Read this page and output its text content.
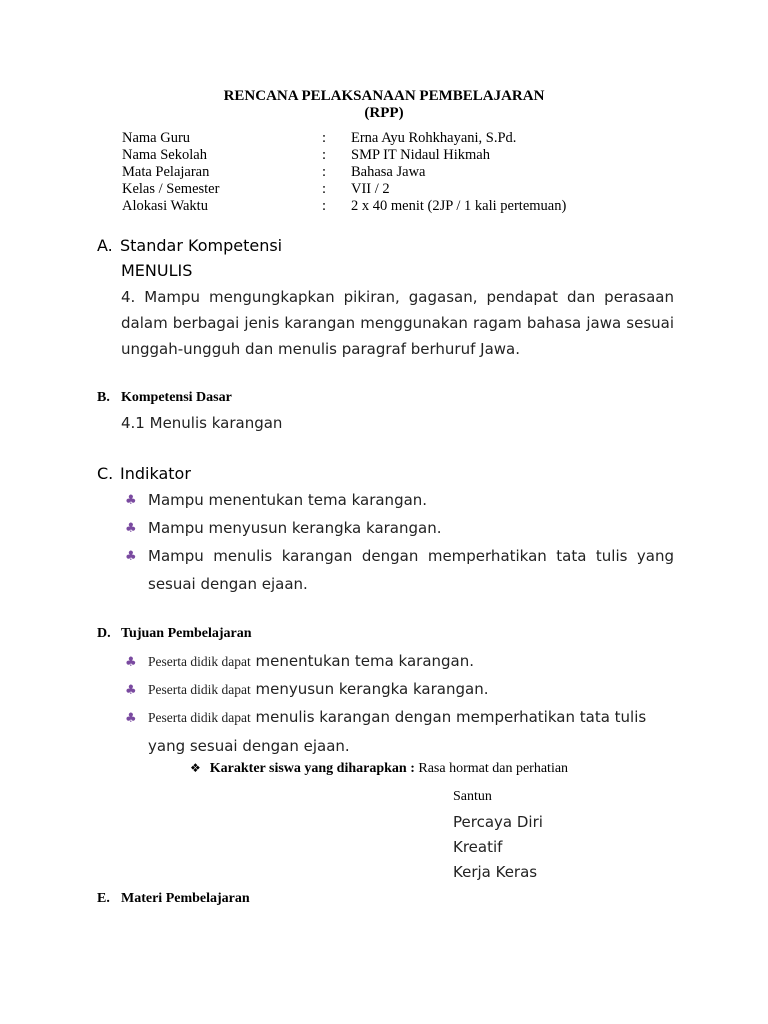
RENCANA PELAKSANAAN PEMBELAJARAN
(RPP)
Nama Guru	: Erna Ayu Rohkhayani, S.Pd.
Nama Sekolah	: SMP IT Nidaul Hikmah
Mata Pelajaran	: Bahasa Jawa
Kelas / Semester	: VII / 2
Alokasi Waktu	: 2 x 40 menit (2JP / 1 kali pertemuan)
A. Standar Kompetensi
MENULIS
4. Mampu mengungkapkan pikiran, gagasan, pendapat dan perasaan dalam berbagai jenis karangan menggunakan ragam bahasa jawa sesuai unggah-ungguh dan menulis paragraf berhuruf Jawa.
B. Kompetensi Dasar
4.1 Menulis karangan
C. Indikator
♣ Mampu menentukan tema karangan.
♣ Mampu menyusun kerangka karangan.
♣ Mampu menulis karangan dengan memperhatikan tata tulis yang sesuai dengan ejaan.
D. Tujuan Pembelajaran
♣ Peserta didik dapat menentukan tema karangan.
♣ Peserta didik dapat menyusun kerangka karangan.
♣ Peserta didik dapat menulis karangan dengan memperhatikan tata tulis yang sesuai dengan ejaan.
❖ Karakter siswa yang diharapkan : Rasa hormat dan perhatian
Santun
Percaya Diri
Kreatif
Kerja Keras
E. Materi Pembelajaran
